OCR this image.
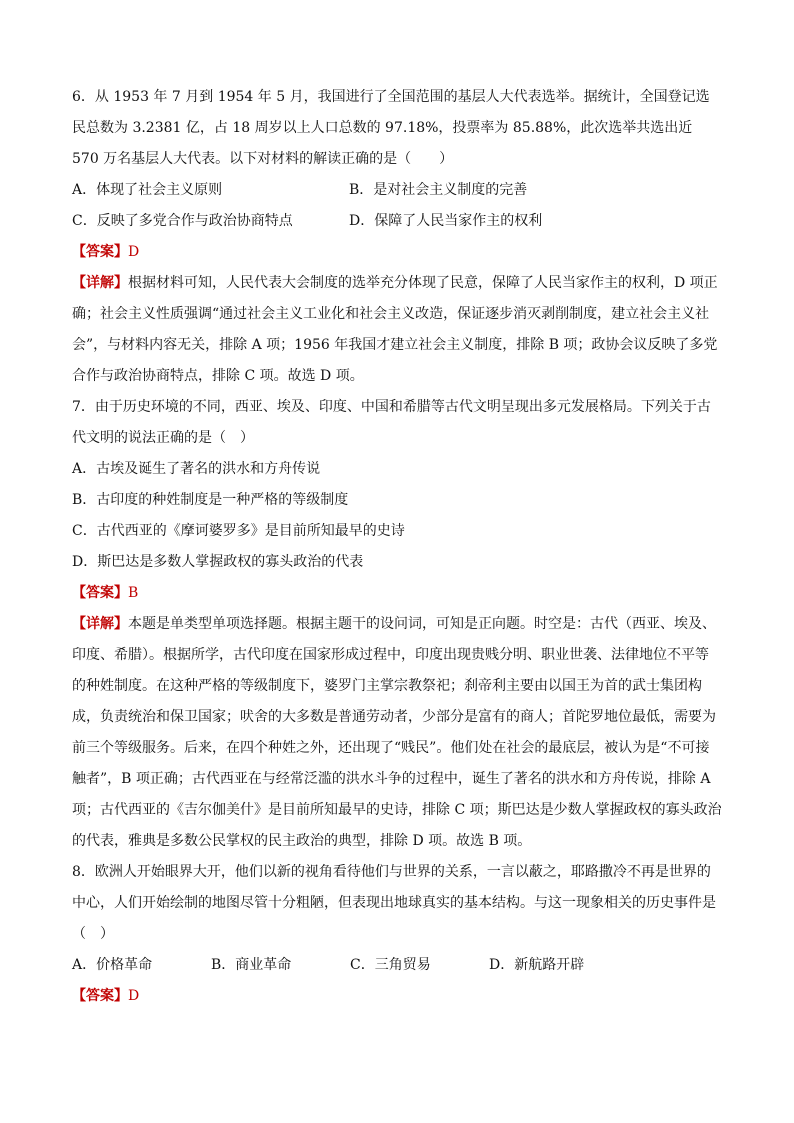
6．从 1953 年 7 月到 1954 年 5 月，我国进行了全国范围的基层人大代表选举。据统计，全国登记选民总数为 3.2381 亿，占 18 周岁以上人口总数的 97.18%，投票率为 85.88%，此次选举共选出近 570 万名基层人大代表。以下对材料的解读正确的是（　　）

A．体现了社会主义原则	B．是对社会主义制度的完善
C．反映了多党合作与政治协商特点	D．保障了人民当家作主的权利

【答案】D

【详解】根据材料可知，人民代表大会制度的选举充分体现了民意，保障了人民当家作主的权利，D 项正确；社会主义性质强调“通过社会主义工业化和社会主义改造，保证逐步消灭剥削制度，建立社会主义社会”，与材料内容无关，排除 A 项；1956 年我国才建立社会主义制度，排除 B 项；政协会议反映了多党合作与政治协商特点，排除 C 项。故选 D 项。

7．由于历史环境的不同，西亚、埃及、印度、中国和希腊等古代文明呈现出多元发展格局。下列关于古代文明的说法正确的是（　）

A．古埃及诞生了著名的洪水和方舟传说

B．古印度的种姓制度是一种严格的等级制度

C．古代西亚的《摩诃婆罗多》是目前所知最早的史诗

D．斯巴达是多数人掌握政权的寡头政治的代表

【答案】B

【详解】本题是单类型单项选择题。根据主题干的设问词，可知是正向题。时空是：古代（西亚、埃及、印度、希腊）。根据所学，古代印度在国家形成过程中，印度出现贵贱分明、职业世袭、法律地位不平等的种姓制度。在这种严格的等级制度下，婆罗门主掌宗教祭祀；刹帝利主要由以国王为首的武士集团构成，负责统治和保卫国家；吠舍的大多数是普通劳动者，少部分是富有的商人；首陀罗地位最低，需要为前三个等级服务。后来，在四个种姓之外，还出现了“贱民”。他们处在社会的最底层，被认为是“不可接触者”，B 项正确；古代西亚在与经常泛滥的洪水斗争的过程中，诞生了著名的洪水和方舟传说，排除 A 项；古代西亚的《吉尔伽美什》是目前所知最早的史诗，排除 C 项；斯巴达是少数人掌握政权的寡头政治的代表，雅典是多数公民掌权的民主政治的典型，排除 D 项。故选 B 项。

8．欧洲人开始眼界大开，他们以新的视角看待他们与世界的关系，一言以蔽之，耶路撒冷不再是世界的中心，人们开始绘制的地图尽管十分粗陋，但表现出地球真实的基本结构。与这一现象相关的历史事件是（　）

A．价格革命	B．商业革命	C．三角贸易	D．新航路开辟

【答案】D
